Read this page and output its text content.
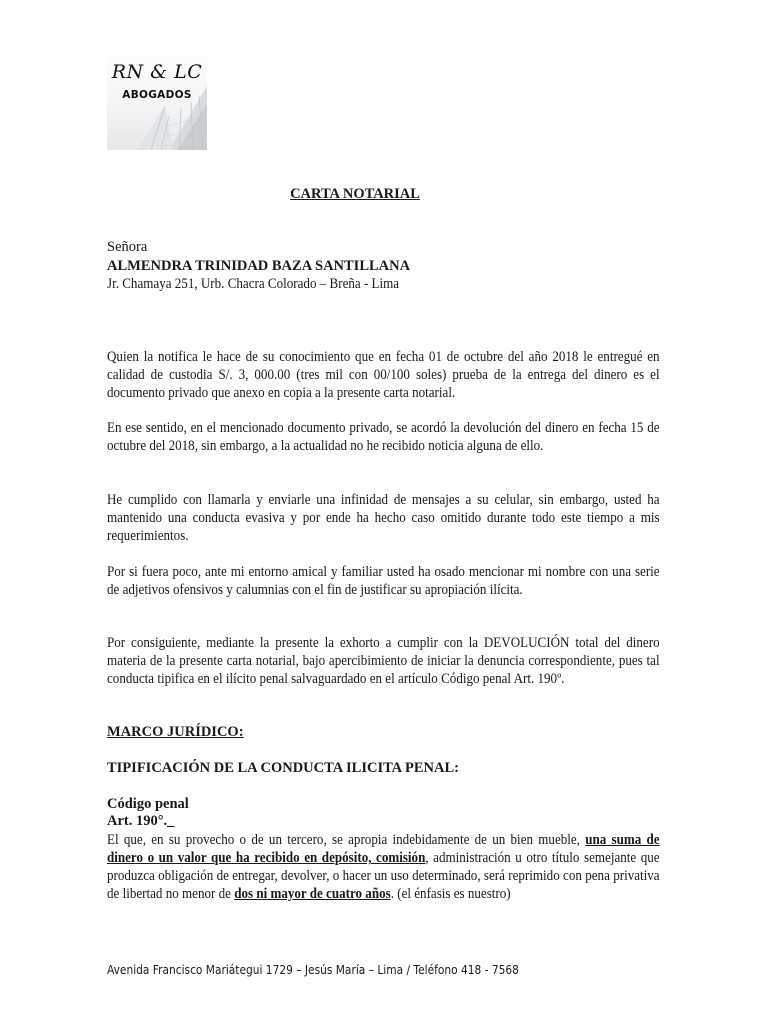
RN & LC
ABOGADOS
CARTA NOTARIAL
Señora
ALMENDRA TRINIDAD BAZA SANTILLANA
Jr. Chamaya 251, Urb. Chacra Colorado – Breña - Lima
Quien la notifica le hace de su conocimiento que en fecha 01 de octubre del año 2018 le entregué en calidad de custodia S/. 3, 000.00 (tres mil con 00/100 soles) prueba de la entrega del dinero es el documento privado que anexo en copia a la presente carta notarial.
En ese sentido, en el mencionado documento privado, se acordó la devolución del dinero en fecha 15 de octubre del 2018, sin embargo, a la actualidad no he recibido noticia alguna de ello.
He cumplido con llamarla y enviarle una infinidad de mensajes a su celular, sin embargo, usted ha mantenido una conducta evasiva y por ende ha hecho caso omitido durante todo este tiempo a mis requerimientos.
Por si fuera poco, ante mi entorno amical y familiar usted ha osado mencionar mi nombre con una serie de adjetivos ofensivos y calumnias con el fin de justificar su apropiación ilícita.
Por consiguiente, mediante la presente la exhorto a cumplir con la DEVOLUCIÓN total del dinero materia de la presente carta notarial, bajo apercibimiento de iniciar la denuncia correspondiente, pues tal conducta tipifica en el ilícito penal salvaguardado en el artículo Código penal Art. 190º.
MARCO JURÍDICO:
TIPIFICACIÓN DE LA CONDUCTA ILICITA PENAL:
Código penal
Art. 190°._
El que, en su provecho o de un tercero, se apropia indebidamente de un bien mueble, una suma de dinero o un valor que ha recibido en depósito, comisión, administración u otro título semejante que produzca obligación de entregar, devolver, o hacer un uso determinado, será reprimido con pena privativa de libertad no menor de dos ni mayor de cuatro años. (el énfasis es nuestro)
Avenida Francisco Mariátegui 1729 – Jesús María – Lima / Teléfono 418 - 7568
